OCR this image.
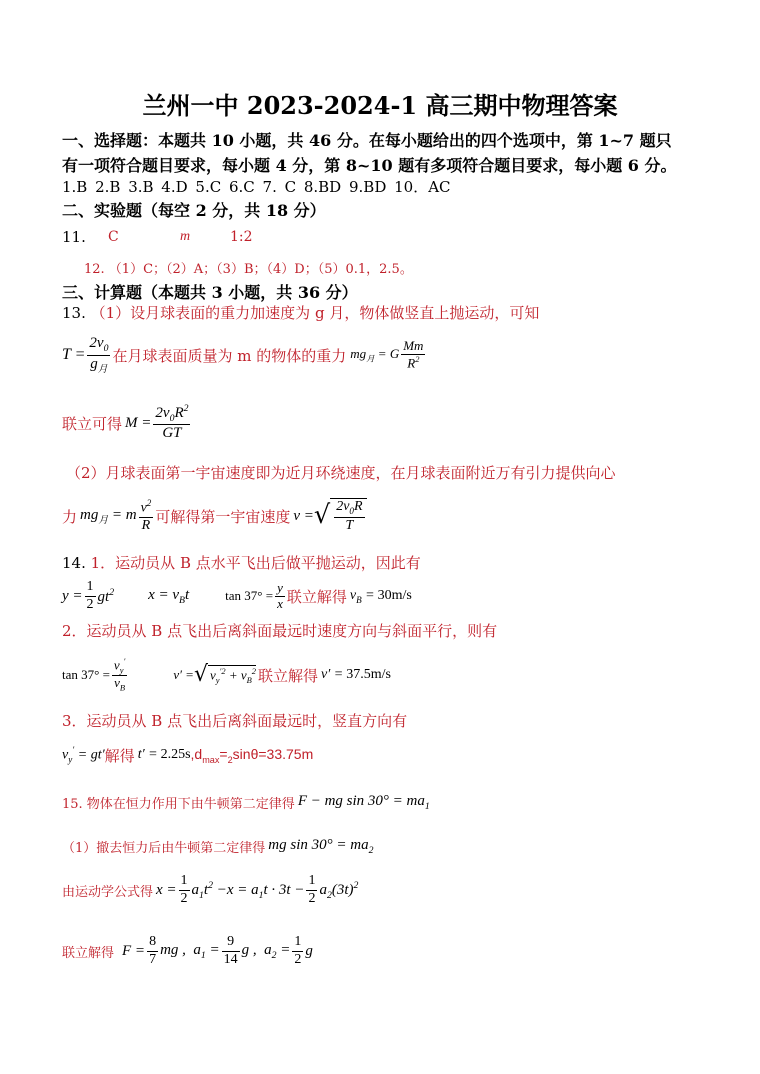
兰州一中 2023-2024-1 高三期中物理答案
一、选择题：本题共 10 小题，共 46 分。在每小题给出的四个选项中，第 1~7 题只
有一项符合题目要求，每小题 4 分，第 8~10 题有多项符合题目要求，每小题 6 分。
1.B 2.B 3.B 4.D 5.C 6.C 7. C 8.BD 9.BD 10．AC
二、实验题（每空 2 分，共 18 分）
11. C	m	1:2
12. （1）C；（2）A；（3）B；（4）D；（5）0.1，2.5。
三、计算题（本题共 3 小题，共 36 分）
13. （1）设月球表面的重力加速度为 g 月，物体做竖直上抛运动，可知
$T = \frac{2v_0}{g_月}$ 在月球表面质量为 m 的物体的重力 $mg_月 = G \frac{Mm}{R^2}$
联立可得 $M = \frac{2v_0R^2}{GT}$
（2）月球表面第一宇宙速度即为近月环绕速度，在月球表面附近万有引力提供向心
力 $mg_月 = m \frac{v^2}{R}$ 可解得第一宇宙速度 v = √ $\frac{2v_0R}{T}$
14. 1．运动员从 B 点水平飞出后做平抛运动，因此有
$y = \frac{1}{2} gt^2$ $x = v_Bt$	$\tan 37^\circ = \frac{y}{x}$ 联立解得 $v_B = 30m/s$
2．运动员从 B 点飞出后离斜面最远时速度方向与斜面平行，则有
$\tan 37^\circ = \frac{v_y'}{v_B}$	v′ = √ $v_y^{'2} + v_B^2$ 联立解得 v′ = 37.5m/s
3．运动员从 B 点飞出后离斜面最远时，竖直方向有
$v_y' = gt'$ 解得 t′ = 2.25s $,d_{max}=_2\sin\theta=33.75m$
15. 物体在恒力作用下由牛顿第二定律得 F − mg $\sin 30^\circ = ma_1$
（1）撤去恒力后由牛顿第二定律得 mg $\sin 30^\circ = ma_2$
由运动学公式得 $x = \frac{1}{2} a_1t^2 -x = a_1t \cdot 3t - \frac{1}{2} a_2(3t)^2$
联立解得 $F = \frac{8}{7}$ mg ,  $a_1 = \frac{9}{14}$ g ,  $a_2 = \frac{1}{2}$ g
